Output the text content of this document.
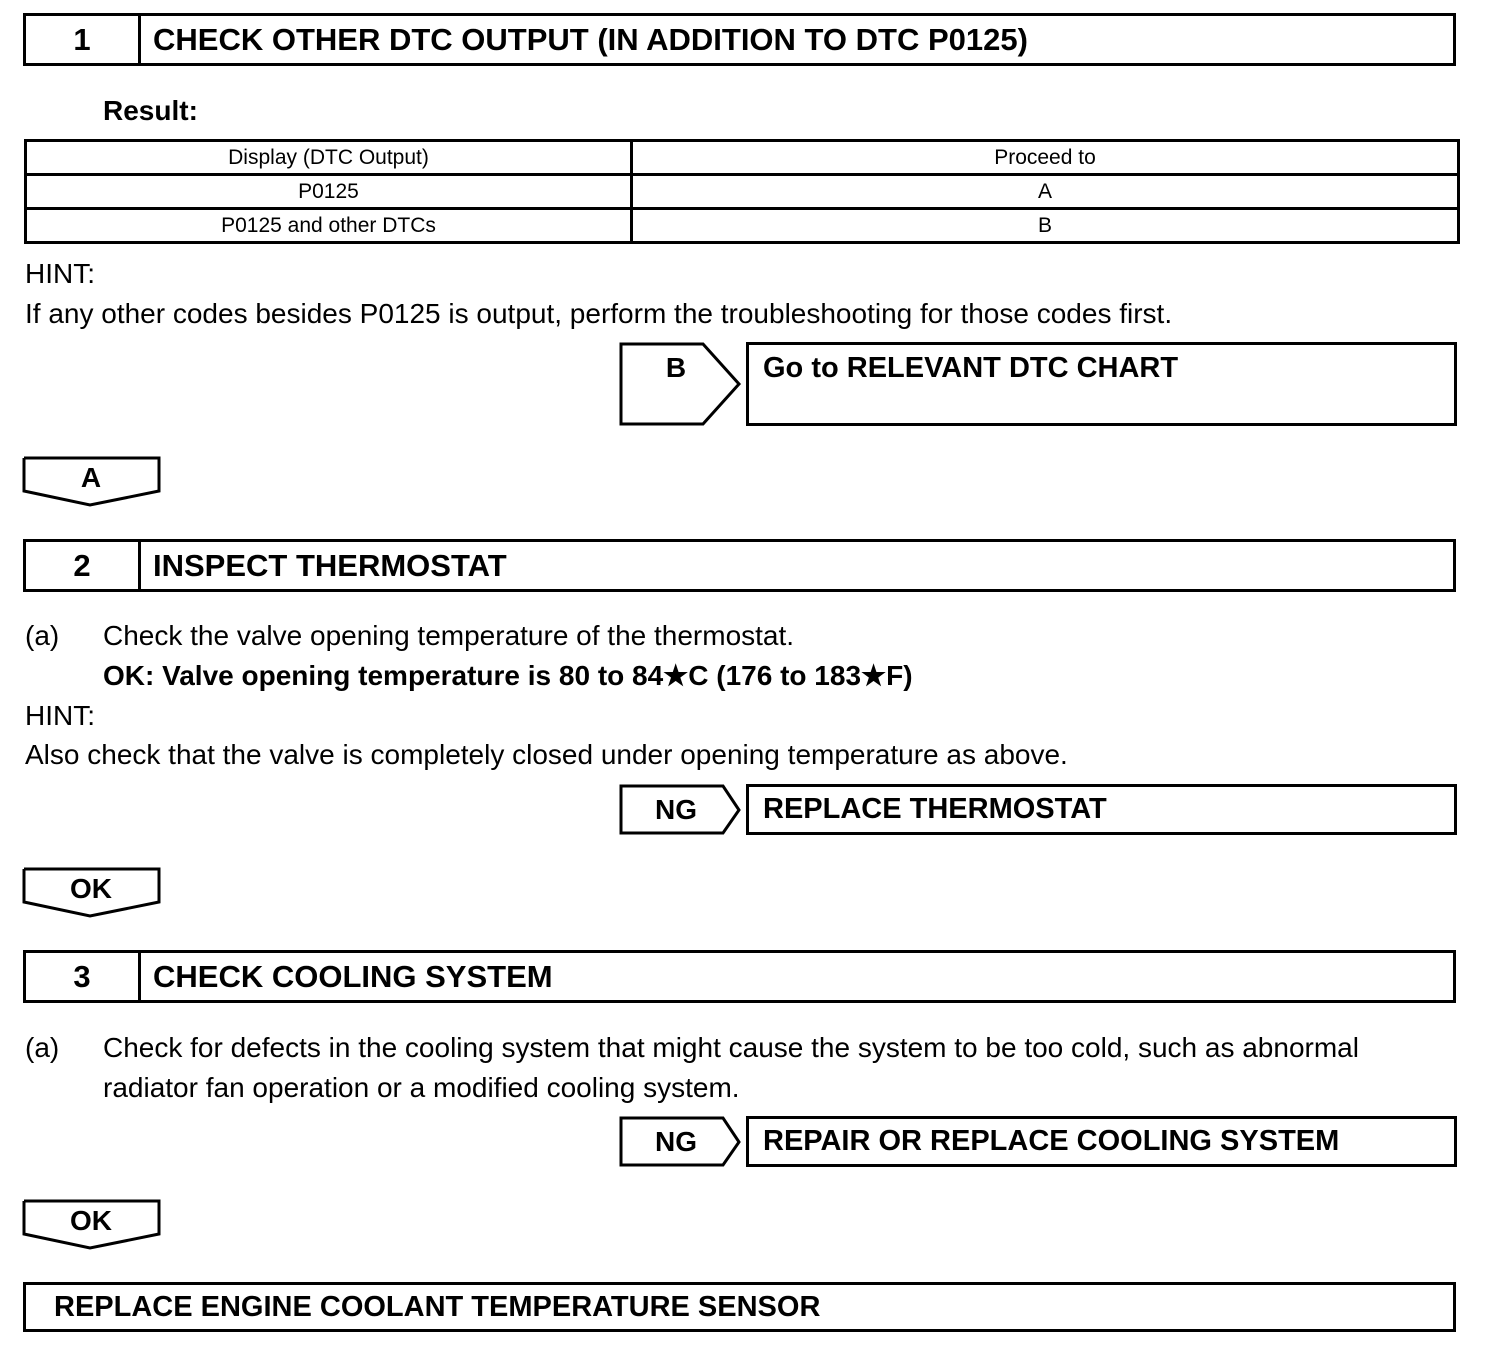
1	CHECK OTHER DTC OUTPUT (IN ADDITION TO DTC P0125)
Result:
Display (DTC Output)	Proceed to
P0125	A
P0125 and other DTCs	B
HINT:
If any other codes besides P0125 is output, perform the troubleshooting for those codes first.
B	Go to RELEVANT DTC CHART
A
2	INSPECT THERMOSTAT
(a) Check the valve opening temperature of the thermostat.
OK: Valve opening temperature is 80 to 84★C (176 to 183★F)
HINT:
Also check that the valve is completely closed under opening temperature as above.
NG	REPLACE THERMOSTAT
OK
3	CHECK COOLING SYSTEM
(a) Check for defects in the cooling system that might cause the system to be too cold, such as abnormal
radiator fan operation or a modified cooling system.
NG	REPAIR OR REPLACE COOLING SYSTEM
OK
REPLACE ENGINE COOLANT TEMPERATURE SENSOR
